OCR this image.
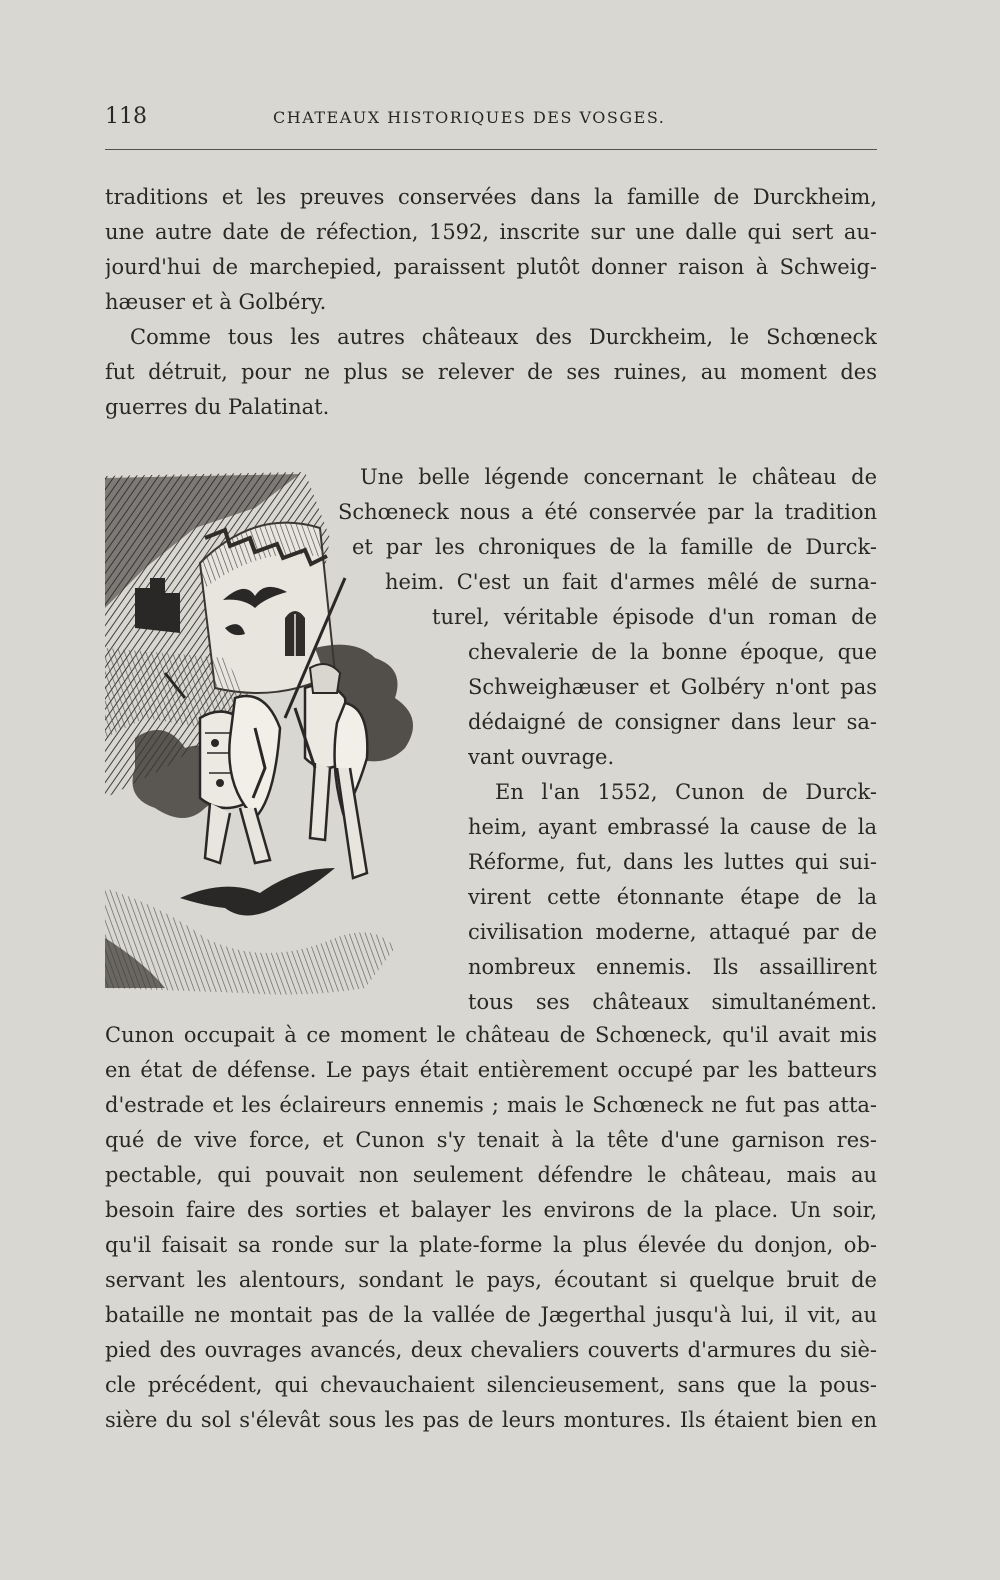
118	CHATEAUX HISTORIQUES DES VOSGES.
traditions et les preuves conservées dans la famille de Durckheim,
une autre date de réfection, 1592, inscrite sur une dalle qui sert au-
jourd'hui de marchepied, paraissent plutôt donner raison à Schweig-
hæuser et à Golbéry.
Comme tous les autres châteaux des Durckheim, le Schœneck
fut détruit, pour ne plus se relever de ses ruines, au moment des
guerres du Palatinat.
Une belle légende concernant le château de
Schœneck nous a été conservée par la tradition
et par les chroniques de la famille de Durck-
heim. C'est un fait d'armes mêlé de surna-
turel, véritable épisode d'un roman de
chevalerie de la bonne époque, que
Schweighæuser et Golbéry n'ont pas
dédaigné de consigner dans leur sa-
vant ouvrage.
En l'an 1552, Cunon de Durck-
heim, ayant embrassé la cause de la
Réforme, fut, dans les luttes qui sui-
virent cette étonnante étape de la
civilisation moderne, attaqué par de
nombreux ennemis. Ils assaillirent
tous ses châteaux simultanément.
Cunon occupait à ce moment le château de Schœneck, qu'il avait mis
en état de défense. Le pays était entièrement occupé par les batteurs
d'estrade et les éclaireurs ennemis ; mais le Schœneck ne fut pas atta-
qué de vive force, et Cunon s'y tenait à la tête d'une garnison res-
pectable, qui pouvait non seulement défendre le château, mais au
besoin faire des sorties et balayer les environs de la place. Un soir,
qu'il faisait sa ronde sur la plate-forme la plus élevée du donjon, ob-
servant les alentours, sondant le pays, écoutant si quelque bruit de
bataille ne montait pas de la vallée de Jægerthal jusqu'à lui, il vit, au
pied des ouvrages avancés, deux chevaliers couverts d'armures du siè-
cle précédent, qui chevauchaient silencieusement, sans que la pous-
sière du sol s'élevât sous les pas de leurs montures. Ils étaient bien en
